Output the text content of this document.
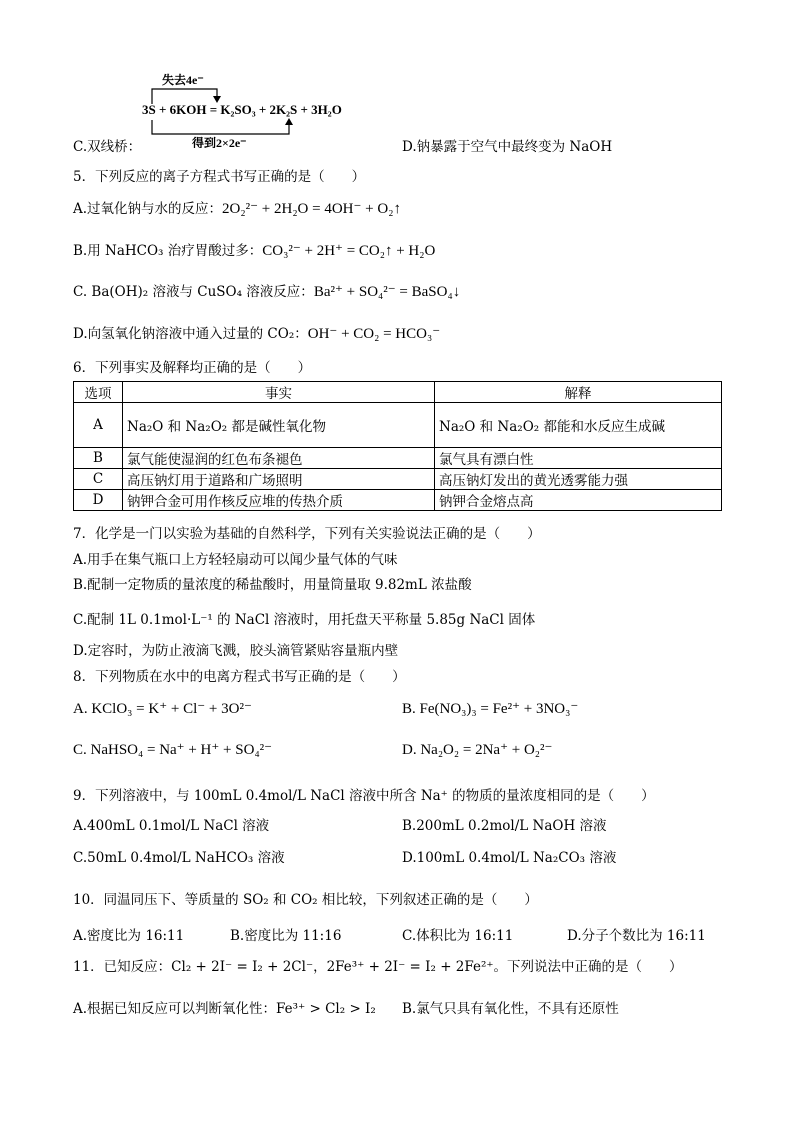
失去4e⁻
3S + 6KOH = K₂SO₃ + 2K₂S + 3H₂O
得到2×2e⁻
C.双线桥：	D.钠暴露于空气中最终变为 NaOH
5．下列反应的离子方程式书写正确的是（　　）
A.过氧化钠与水的反应：2O₂²⁻ + 2H₂O = 4OH⁻ + O₂↑
B.用 NaHCO₃ 治疗胃酸过多：CO₃²⁻ + 2H⁺ = CO₂↑ + H₂O
C. Ba(OH)₂ 溶液与 CuSO₄ 溶液反应：Ba²⁺ + SO₄²⁻ = BaSO₄↓
D.向氢氧化钠溶液中通入过量的 CO₂：OH⁻ + CO₂ = HCO₃⁻
6．下列事实及解释均正确的是（　　）
选项	事实	解释
A	Na₂O 和 Na₂O₂ 都是碱性氧化物	Na₂O 和 Na₂O₂ 都能和水反应生成碱
B	氯气能使湿润的红色布条褪色	氯气具有漂白性
C	高压钠灯用于道路和广场照明	高压钠灯发出的黄光透雾能力强
D	钠钾合金可用作核反应堆的传热介质	钠钾合金熔点高
7．化学是一门以实验为基础的自然科学，下列有关实验说法正确的是（　　）
A.用手在集气瓶口上方轻轻扇动可以闻少量气体的气味
B.配制一定物质的量浓度的稀盐酸时，用量筒量取 9.82mL 浓盐酸
C.配制 1L 0.1mol·L⁻¹ 的 NaCl 溶液时，用托盘天平称量 5.85g NaCl 固体
D.定容时，为防止液滴飞溅，胶头滴管紧贴容量瓶内壁
8．下列物质在水中的电离方程式书写正确的是（　　）
A. KClO₃ = K⁺ + Cl⁻ + 3O²⁻	B. Fe(NO₃)₃ = Fe²⁺ + 3NO₃⁻
C. NaHSO₄ = Na⁺ + H⁺ + SO₄²⁻	D. Na₂O₂ = 2Na⁺ + O₂²⁻
9．下列溶液中，与 100mL 0.4mol/L NaCl 溶液中所含 Na⁺ 的物质的量浓度相同的是（　　）
A.400mL 0.1mol/L NaCl 溶液	B.200mL 0.2mol/L NaOH 溶液
C.50mL 0.4mol/L NaHCO₃ 溶液	D.100mL 0.4mol/L Na₂CO₃ 溶液
10．同温同压下、等质量的 SO₂ 和 CO₂ 相比较，下列叙述正确的是（　　）
A.密度比为 16:11	B.密度比为 11:16	C.体积比为 16:11	D.分子个数比为 16:11
11．已知反应：Cl₂ + 2I⁻ = I₂ + 2Cl⁻，2Fe³⁺ + 2I⁻ = I₂ + 2Fe²⁺。下列说法中正确的是（　　）
A.根据已知反应可以判断氧化性：Fe³⁺ > Cl₂ > I₂ B.氯气只具有氧化性，不具有还原性
